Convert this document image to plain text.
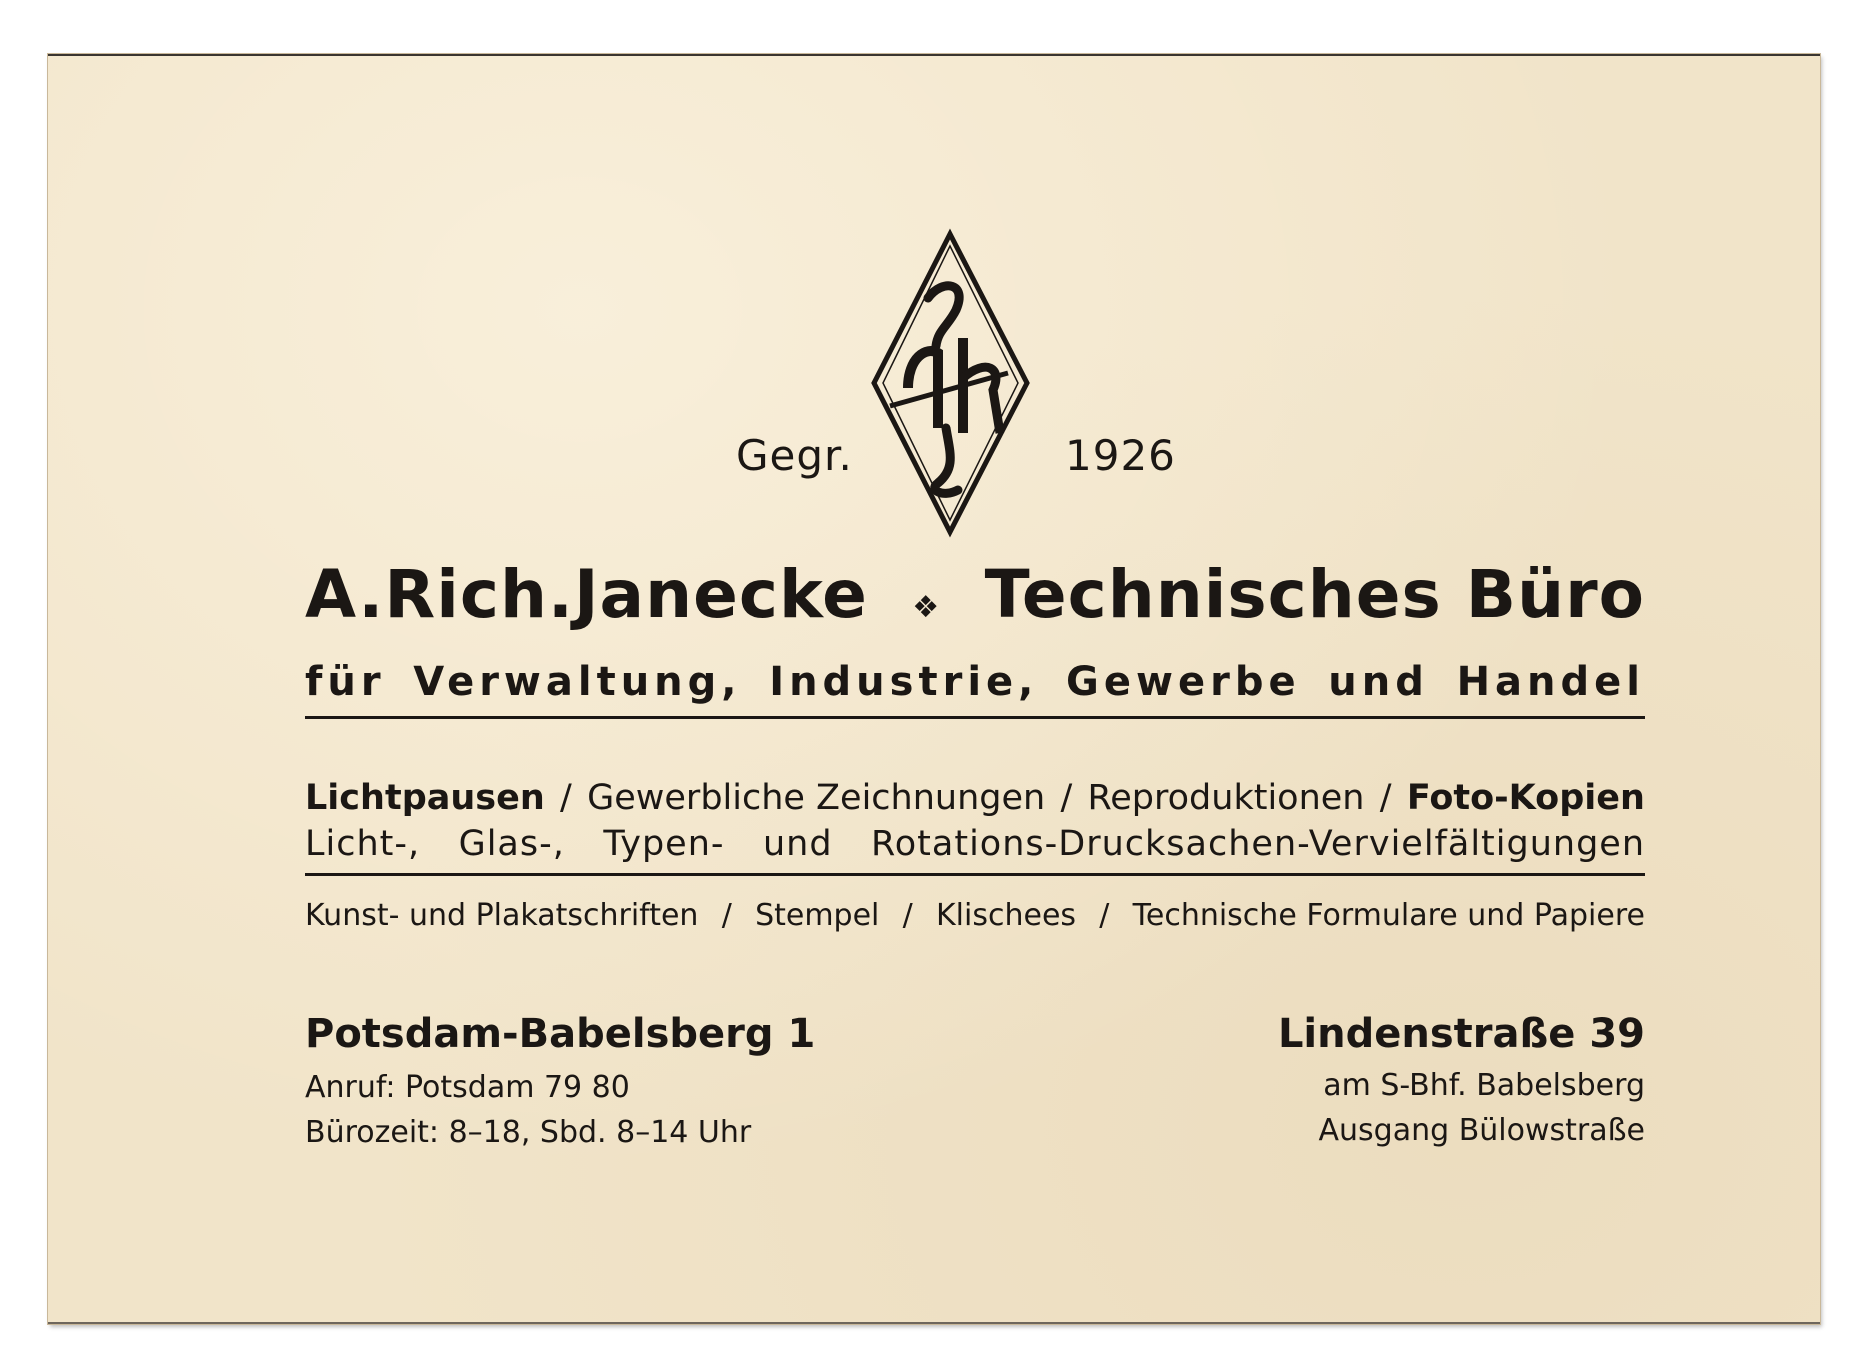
Gegr.	1926
A.Rich.Janecke ❖ Technisches Büro
für Verwaltung, Industrie, Gewerbe und Handel
Lichtpausen / Gewerbliche Zeichnungen / Reproduktionen / Foto-Kopien
Licht-, Glas-, Typen- und Rotations-Drucksachen-Vervielfältigungen
Kunst- und Plakatschriften / Stempel / Klischees / Technische Formulare und Papiere
Potsdam-Babelsberg 1
Anruf: Potsdam 79 80
Bürozeit: 8–18, Sbd. 8–14 Uhr
Lindenstraße 39
am S-Bhf. Babelsberg
Ausgang Bülowstraße
